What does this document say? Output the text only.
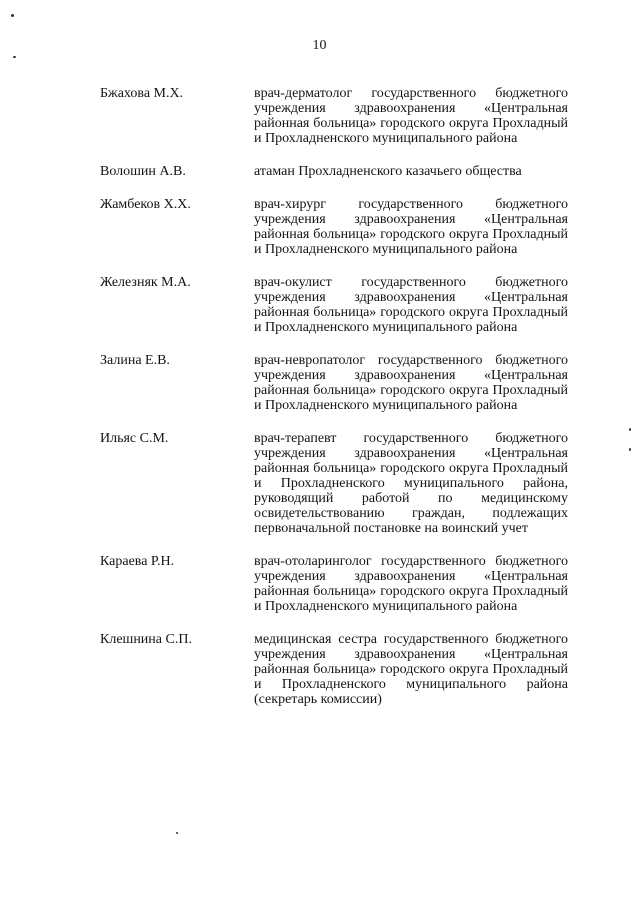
10
Бжахова М.Х.	врач-дерматолог государственного бюджетного учреждения здравоохранения «Центральная районная больница» городского округа Прохладный и Прохладненского муниципального района
Волошин А.В.	атаман Прохладненского казачьего общества
Жамбеков Х.Х.	врач-хирург государственного бюджетного учреждения здравоохранения «Центральная районная больница» городского округа Прохладный и Прохладненского муниципального района
Железняк М.А.	врач-окулист государственного бюджетного учреждения здравоохранения «Центральная районная больница» городского округа Прохладный и Прохладненского муниципального района
Залина Е.В.	врач-невропатолог государственного бюджетного учреждения здравоохранения «Центральная районная больница» городского округа Прохладный и Прохладненского муниципального района
Ильяс С.М.	врач-терапевт государственного бюджетного учреждения здравоохранения «Центральная районная больница» городского округа Прохладный и Прохладненского муниципального района, руководящий работой по медицинскому освидетельствованию граждан, подлежащих первоначальной постановке на воинский учет
Караева Р.Н.	врач-отоларинголог государственного бюджетного учреждения здравоохранения «Центральная районная больница» городского округа Прохладный и Прохладненского муниципального района
Клешнина С.П.	медицинская сестра государственного бюджетного учреждения здравоохранения «Центральная районная больница» городского округа Прохладный и Прохладненского муниципального района (секретарь комиссии)
